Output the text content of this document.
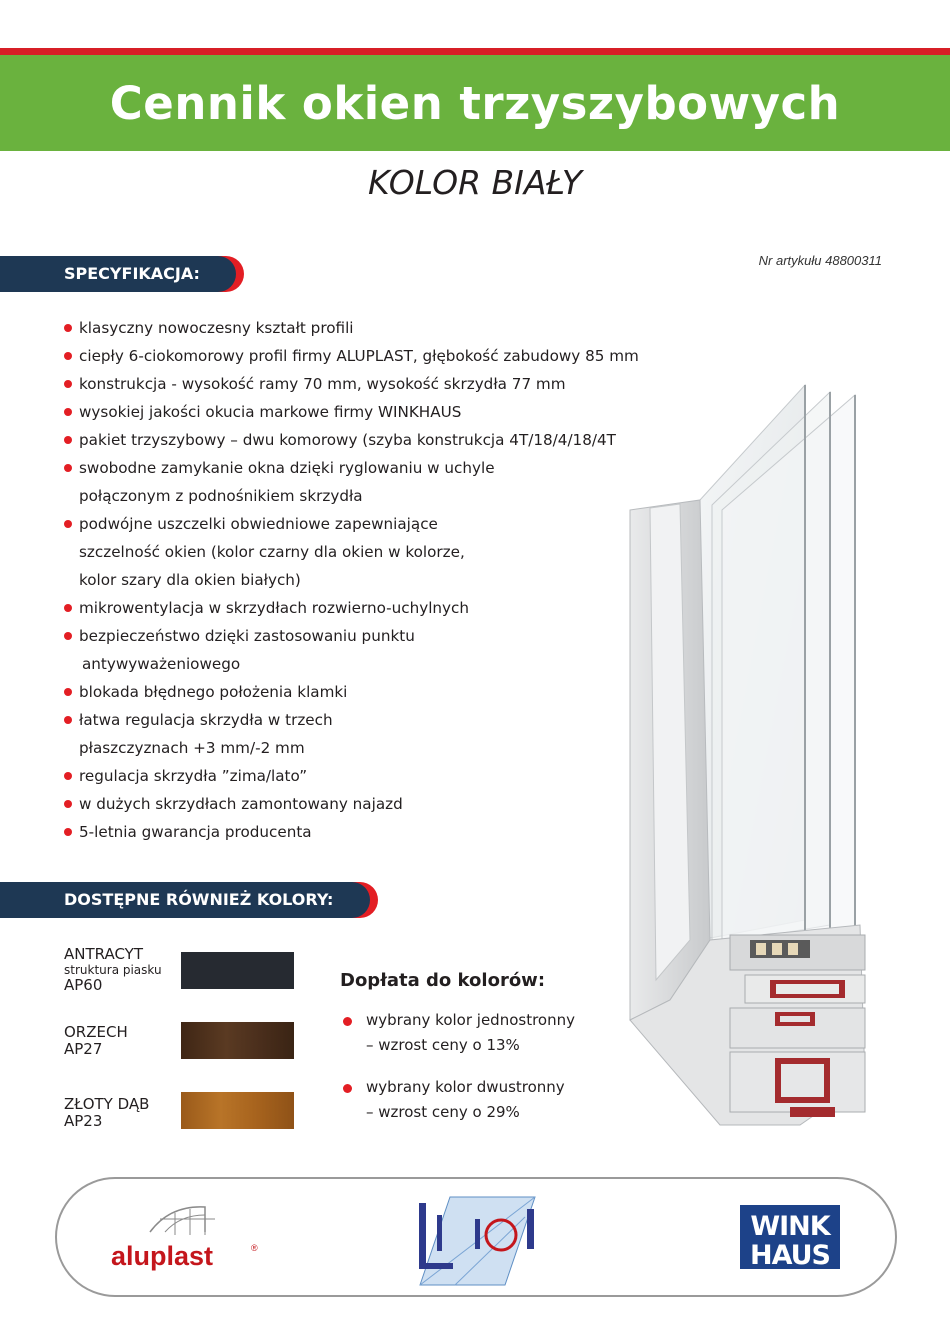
Cennik okien trzyszybowych
KOLOR BIAŁY
Nr artykułu 48800311
SPECYFIKACJA:
klasyczny nowoczesny kształt profili
ciepły 6-ciokomorowy profil firmy ALUPLAST, głębokość zabudowy 85 mm
konstrukcja - wysokość ramy 70 mm, wysokość skrzydła 77 mm
wysokiej jakości okucia markowe firmy WINKHAUS
pakiet trzyszybowy – dwu komorowy (szyba konstrukcja 4T/18/4/18/4T
swobodne zamykanie okna dzięki ryglowaniu w uchyle
połączonym z podnośnikiem skrzydła
podwójne uszczelki obwiedniowe zapewniające
szczelność okien (kolor czarny dla okien w kolorze,
kolor szary dla okien białych)
mikrowentylacja w skrzydłach rozwierno-uchylnych
bezpieczeństwo dzięki zastosowaniu punktu
antywyważeniowego
blokada błędnego położenia klamki
łatwa regulacja skrzydła w trzech
płaszczyznach +3 mm/-2 mm
regulacja skrzydła ”zima/lato”
w dużych skrzydłach zamontowany najazd
5-letnia gwarancja producenta
DOSTĘPNE RÓWNIEŻ KOLORY:
ANTRACYT
struktura piasku
AP60
ORZECH
AP27
ZŁOTY DĄB
AP23
Dopłata do kolorów:
wybrany kolor jednostronny
– wzrost ceny o 13%
wybrany kolor dwustronny
– wzrost ceny o 29%
aluplast	®
WINK
HAUS
